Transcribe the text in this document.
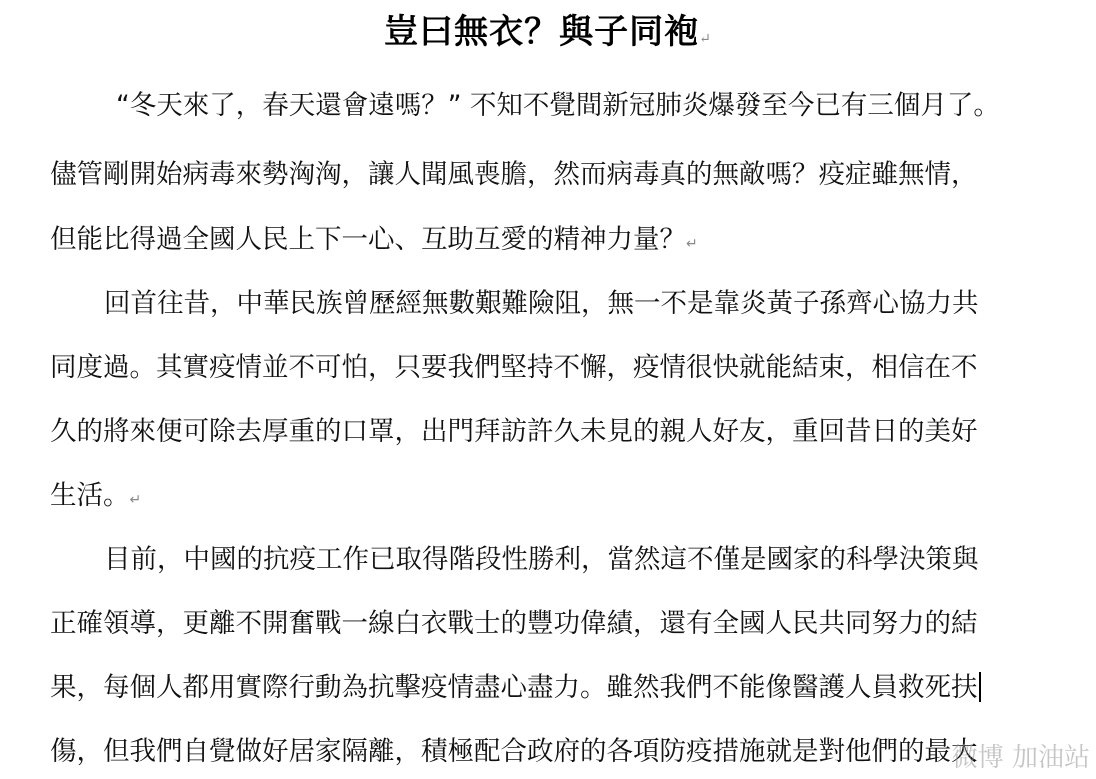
豈曰無衣？與子同袍↵
“冬天來了，春天還會遠嗎？” 不知不覺間新冠肺炎爆發至今已有三個月了。
儘管剛開始病毒來勢洶洶，讓人聞風喪膽，然而病毒真的無敵嗎？疫症雖無情，
但能比得過全國人民上下一心、互助互愛的精神力量？↵
回首往昔，中華民族曾歷經無數艱難險阻，無一不是靠炎黃子孫齊心協力共
同度過。其實疫情並不可怕，只要我們堅持不懈，疫情很快就能結束，相信在不
久的將來便可除去厚重的口罩，出門拜訪許久未見的親人好友，重回昔日的美好
生活。↵
目前，中國的抗疫工作已取得階段性勝利，當然這不僅是國家的科學決策與
正確領導，更離不開奮戰一線白衣戰士的豐功偉績，還有全國人民共同努力的結
果，每個人都用實際行動為抗擊疫情盡心盡力。雖然我們不能像醫護人員救死扶
傷，但我們自覺做好居家隔離，積極配合政府的各項防疫措施就是對他們的最大
微博 加油站
